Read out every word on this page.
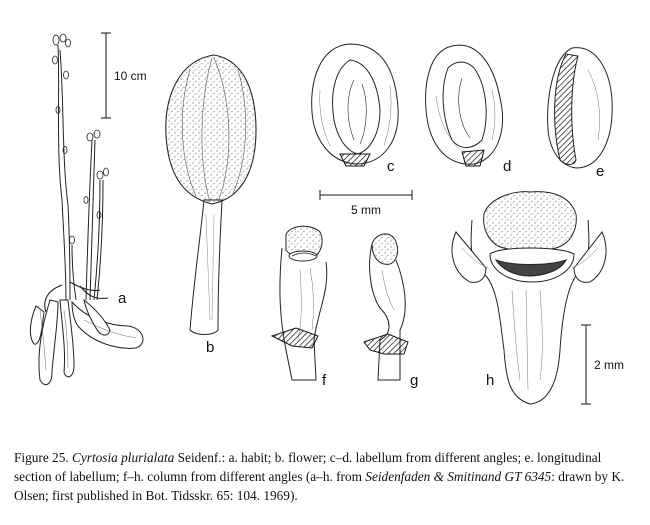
10 cm
a
b
c	d	e
5 mm
f	g	h
2 mm

Figure 25. Cyrtosia plurialata Seidenf.: a. habit; b. flower; c–d. labellum from different angles; e. longitudinal section of labellum; f–h. column from different angles (a–h. from Seidenfaden & Smitinand GT 6345: drawn by K. Olsen; first published in Bot. Tidsskr. 65: 104. 1969).
